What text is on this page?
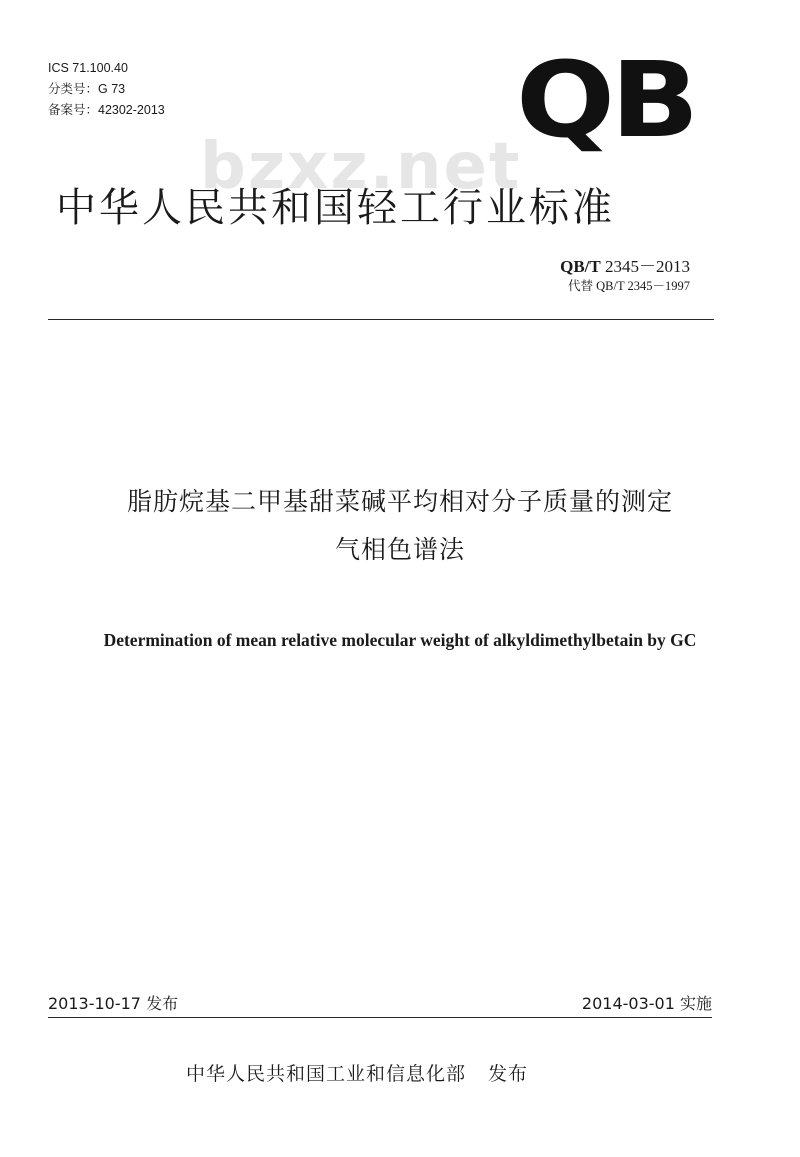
ICS 71.100.40
分类号：G 73
备案号：42302-2013	QB
bzxz.net
中华人民共和国轻工行业标准
QB/T 2345－2013
代替 QB/T 2345－1997
脂肪烷基二甲基甜菜碱平均相对分子质量的测定
气相色谱法
Determination of mean relative molecular weight of alkyldimethylbetain by GC
2013-10-17 发布	2014-03-01 实施
中华人民共和国工业和信息化部 发布
